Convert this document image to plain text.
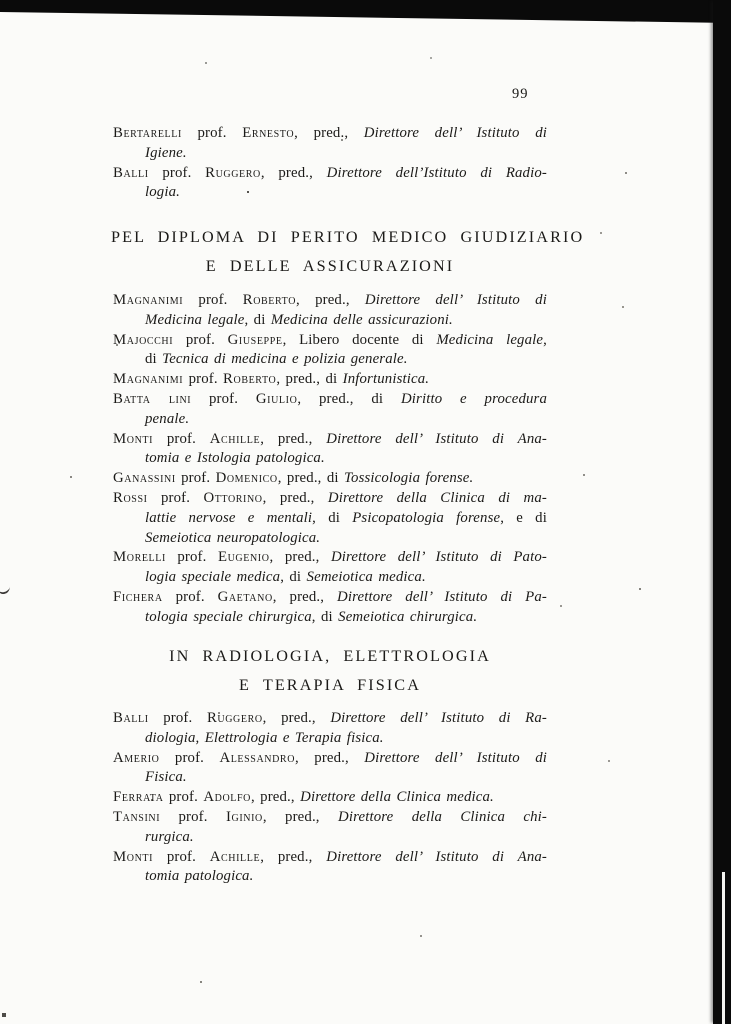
99
Bertarelli prof. Ernesto, pred., Direttore dell’ Istituto di
Igiene.
Balli prof. Ruggero, pred., Direttore dell’Istituto di Radio-
logia.
PEL DIPLOMA DI PERITO MEDICO GIUDIZIARIO
E DELLE ASSICURAZIONI
Magnanimi prof. Roberto, pred., Direttore dell’ Istituto di
Medicina legale, di Medicina delle assicurazioni.
Majocchi prof. Giuseppe, Libero docente di Medicina legale,
di Tecnica di medicina e polizia generale.
Magnanimi prof. Roberto, pred., di Infortunistica.
Batta lini prof. Giulio, pred., di Diritto e procedura
penale.
Monti prof. Achille, pred., Direttore dell’ Istituto di Ana-
tomia e Istologia patologica.
Ganassini prof. Domenico, pred., di Tossicologia forense.
Rossi prof. Ottorino, pred., Direttore della Clinica di ma-
lattie nervose e mentali, di Psicopatologia forense, e di
Semeiotica neuropatologica.
Morelli prof. Eugenio, pred., Direttore dell’ Istituto di Pato-
logia speciale medica, di Semeiotica medica.
Fichera prof. Gaetano, pred., Direttore dell’ Istituto di Pa-
tologia speciale chirurgica, di Semeiotica chirurgica.
IN RADIOLOGIA, ELETTROLOGIA
E TERAPIA FISICA
Balli prof. Ruggero, pred., Direttore dell’ Istituto di Ra-
diologia, Elettrologia e Terapia fisica.
Amerio prof. Alessandro, pred., Direttore dell’ Istituto di
Fisica.
Ferrata prof. Adolfo, pred., Direttore della Clinica medica.
Tansini prof. Iginio, pred., Direttore della Clinica chi-
rurgica.
Monti prof. Achille, pred., Direttore dell’ Istituto di Ana-
tomia patologica.
